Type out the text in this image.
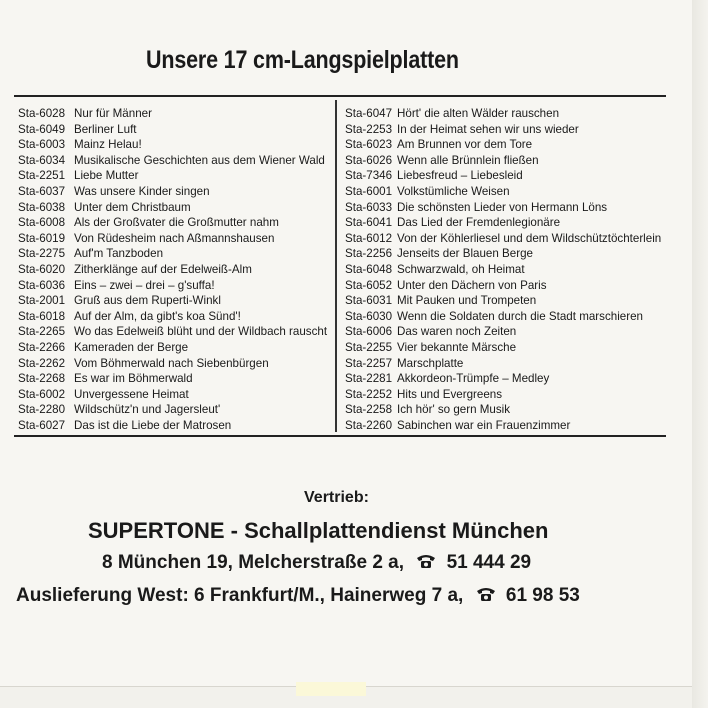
Unsere 17 cm-Langspielplatten
Sta-6028 Nur für Männer
Sta-6049 Berliner Luft
Sta-6003 Mainz Helau!
Sta-6034 Musikalische Geschichten aus dem Wiener Wald
Sta-2251 Liebe Mutter
Sta-6037 Was unsere Kinder singen
Sta-6038 Unter dem Christbaum
Sta-6008 Als der Großvater die Großmutter nahm
Sta-6019 Von Rüdesheim nach Aßmannshausen
Sta-2275 Auf'm Tanzboden
Sta-6020 Zitherklänge auf der Edelweiß-Alm
Sta-6036 Eins – zwei – drei – g'suffa!
Sta-2001 Gruß aus dem Ruperti-Winkl
Sta-6018 Auf der Alm, da gibt's koa Sünd'!
Sta-2265 Wo das Edelweiß blüht und der Wildbach rauscht
Sta-2266 Kameraden der Berge
Sta-2262 Vom Böhmerwald nach Siebenbürgen
Sta-2268 Es war im Böhmerwald
Sta-6002 Unvergessene Heimat
Sta-2280 Wildschütz'n und Jagersleut'
Sta-6027 Das ist die Liebe der Matrosen
Sta-6047 Hört' die alten Wälder rauschen
Sta-2253 In der Heimat sehen wir uns wieder
Sta-6023 Am Brunnen vor dem Tore
Sta-6026 Wenn alle Brünnlein fließen
Sta-7346 Liebesfreud – Liebesleid
Sta-6001 Volkstümliche Weisen
Sta-6033 Die schönsten Lieder von Hermann Löns
Sta-6041 Das Lied der Fremdenlegionäre
Sta-6012 Von der Köhlerliesel und dem Wildschütztöchterlein
Sta-2256 Jenseits der Blauen Berge
Sta-6048 Schwarzwald, oh Heimat
Sta-6052 Unter den Dächern von Paris
Sta-6031 Mit Pauken und Trompeten
Sta-6030 Wenn die Soldaten durch die Stadt marschieren
Sta-6006 Das waren noch Zeiten
Sta-2255 Vier bekannte Märsche
Sta-2257 Marschplatte
Sta-2281 Akkordeon-Trümpfe – Medley
Sta-2252 Hits und Evergreens
Sta-2258 Ich hör' so gern Musik
Sta-2260 Sabinchen war ein Frauenzimmer
Vertrieb:
SUPERTONE - Schallplattendienst München
8 München 19, Melcherstraße 2 a, 51 444 29
Auslieferung West: 6 Frankfurt/M., Hainerweg 7 a, 61 98 53
